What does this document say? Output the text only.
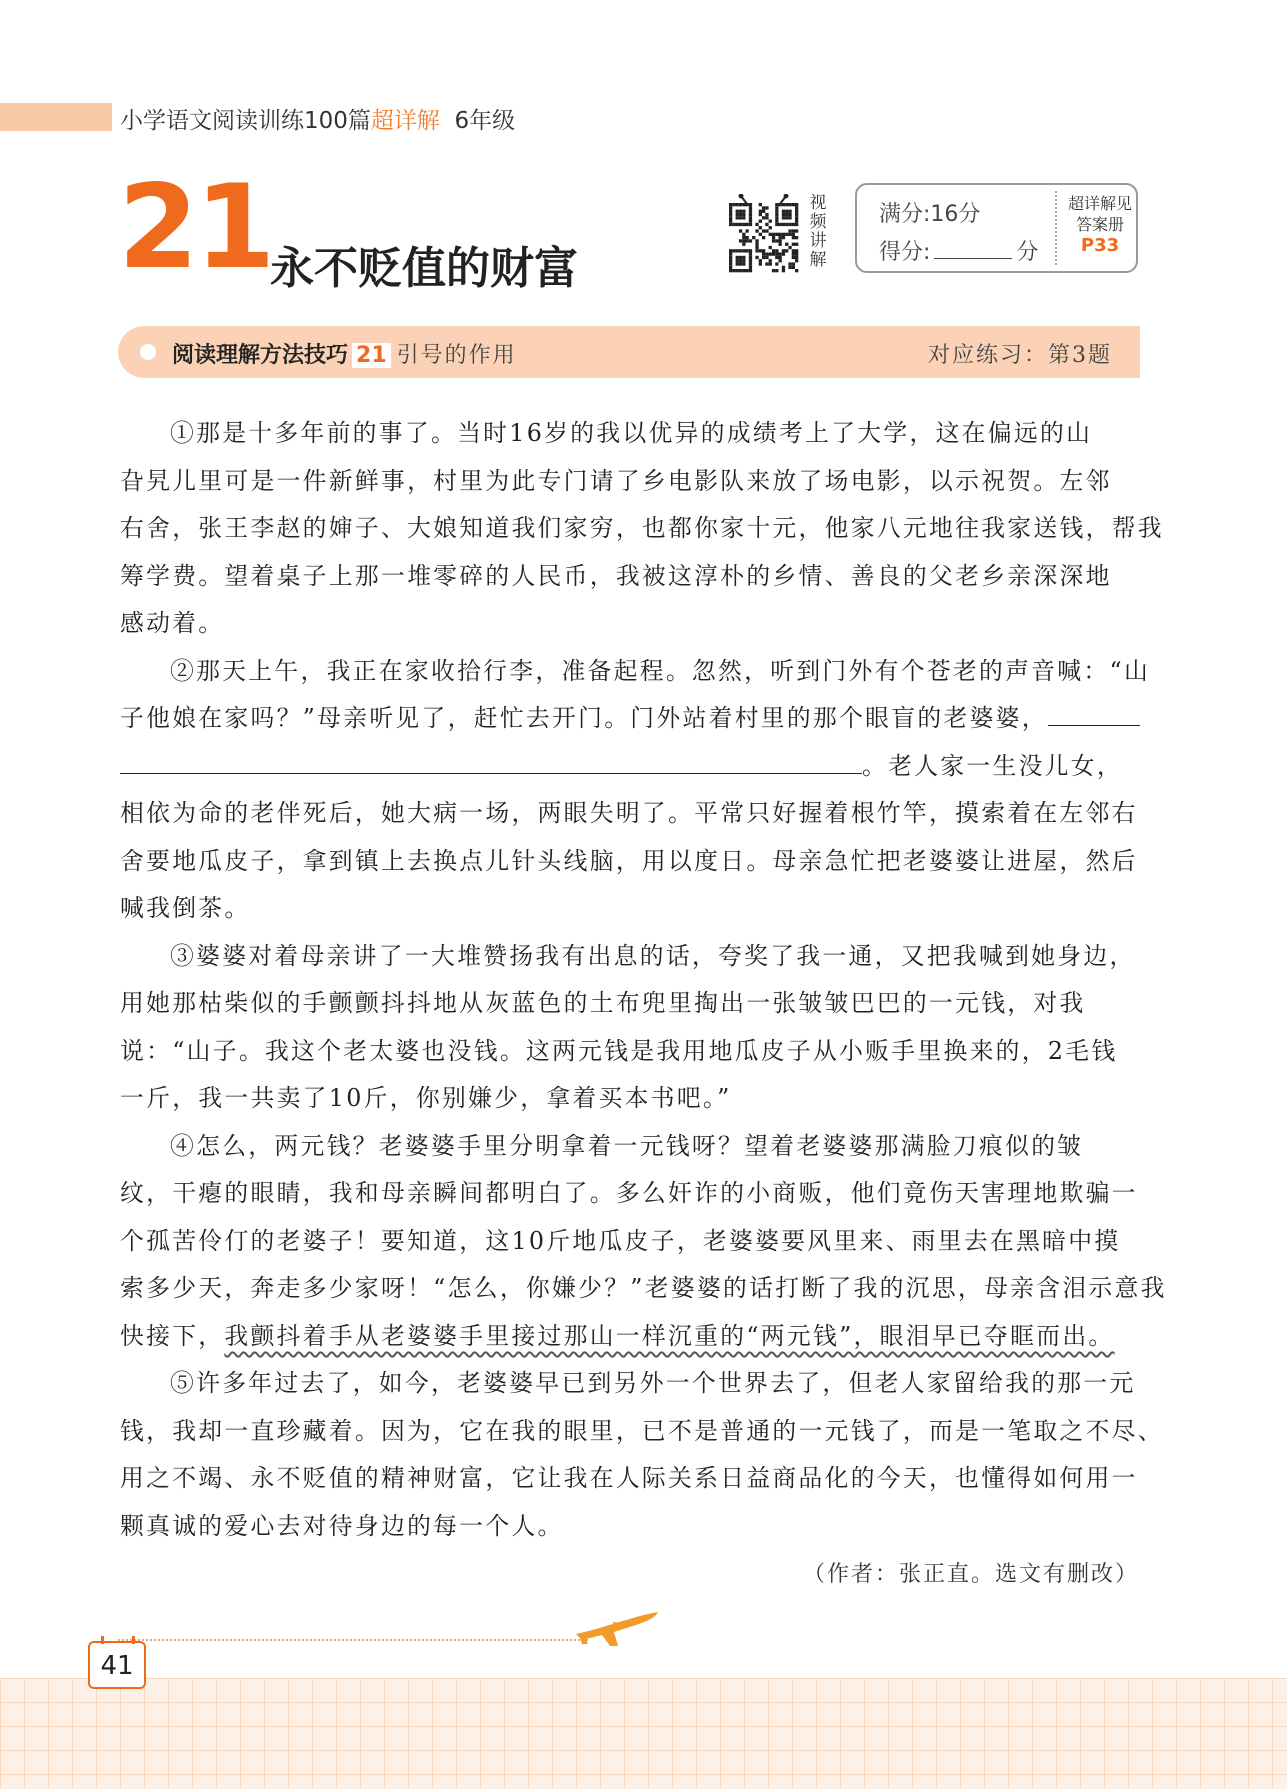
小学语文阅读训练100篇超详解 6年级
21
永不贬值的财富
视
频
讲
解
满分:16分
得分:	分
超详解见
答案册
P33
阅读理解方法技巧 21 引号的作用	对应练习：第3题
①那是十多年前的事了。当时16岁的我以优异的成绩考上了大学，这在偏远的山
旮旯儿里可是一件新鲜事，村里为此专门请了乡电影队来放了场电影，以示祝贺。左邻
右舍，张王李赵的婶子、大娘知道我们家穷，也都你家十元，他家八元地往我家送钱，帮我
筹学费。望着桌子上那一堆零碎的人民币，我被这淳朴的乡情、善良的父老乡亲深深地
感动着。
②那天上午，我正在家收拾行李，准备起程。忽然，听到门外有个苍老的声音喊：“山
子他娘在家吗？”母亲听见了，赶忙去开门。门外站着村里的那个眼盲的老婆婆，
。老人家一生没儿女，
相依为命的老伴死后，她大病一场，两眼失明了。平常只好握着根竹竿，摸索着在左邻右
舍要地瓜皮子，拿到镇上去换点儿针头线脑，用以度日。母亲急忙把老婆婆让进屋，然后
喊我倒茶。
③婆婆对着母亲讲了一大堆赞扬我有出息的话，夸奖了我一通，又把我喊到她身边，
用她那枯柴似的手颤颤抖抖地从灰蓝色的土布兜里掏出一张皱皱巴巴的一元钱，对我
说：“山子。我这个老太婆也没钱。这两元钱是我用地瓜皮子从小贩手里换来的，2毛钱
一斤，我一共卖了10斤，你别嫌少，拿着买本书吧。”
④怎么，两元钱？老婆婆手里分明拿着一元钱呀？望着老婆婆那满脸刀痕似的皱
纹，干瘪的眼睛，我和母亲瞬间都明白了。多么奸诈的小商贩，他们竟伤天害理地欺骗一
个孤苦伶仃的老婆子！要知道，这10斤地瓜皮子，老婆婆要风里来、雨里去在黑暗中摸
索多少天，奔走多少家呀！“怎么，你嫌少？”老婆婆的话打断了我的沉思，母亲含泪示意我
快接下，我颤抖着手从老婆婆手里接过那山一样沉重的“两元钱”，眼泪早已夺眶而出。
⑤许多年过去了，如今，老婆婆早已到另外一个世界去了，但老人家留给我的那一元
钱，我却一直珍藏着。因为，它在我的眼里，已不是普通的一元钱了，而是一笔取之不尽、
用之不竭、永不贬值的精神财富，它让我在人际关系日益商品化的今天，也懂得如何用一
颗真诚的爱心去对待身边的每一个人。
（作者：张正直。选文有删改）
41
